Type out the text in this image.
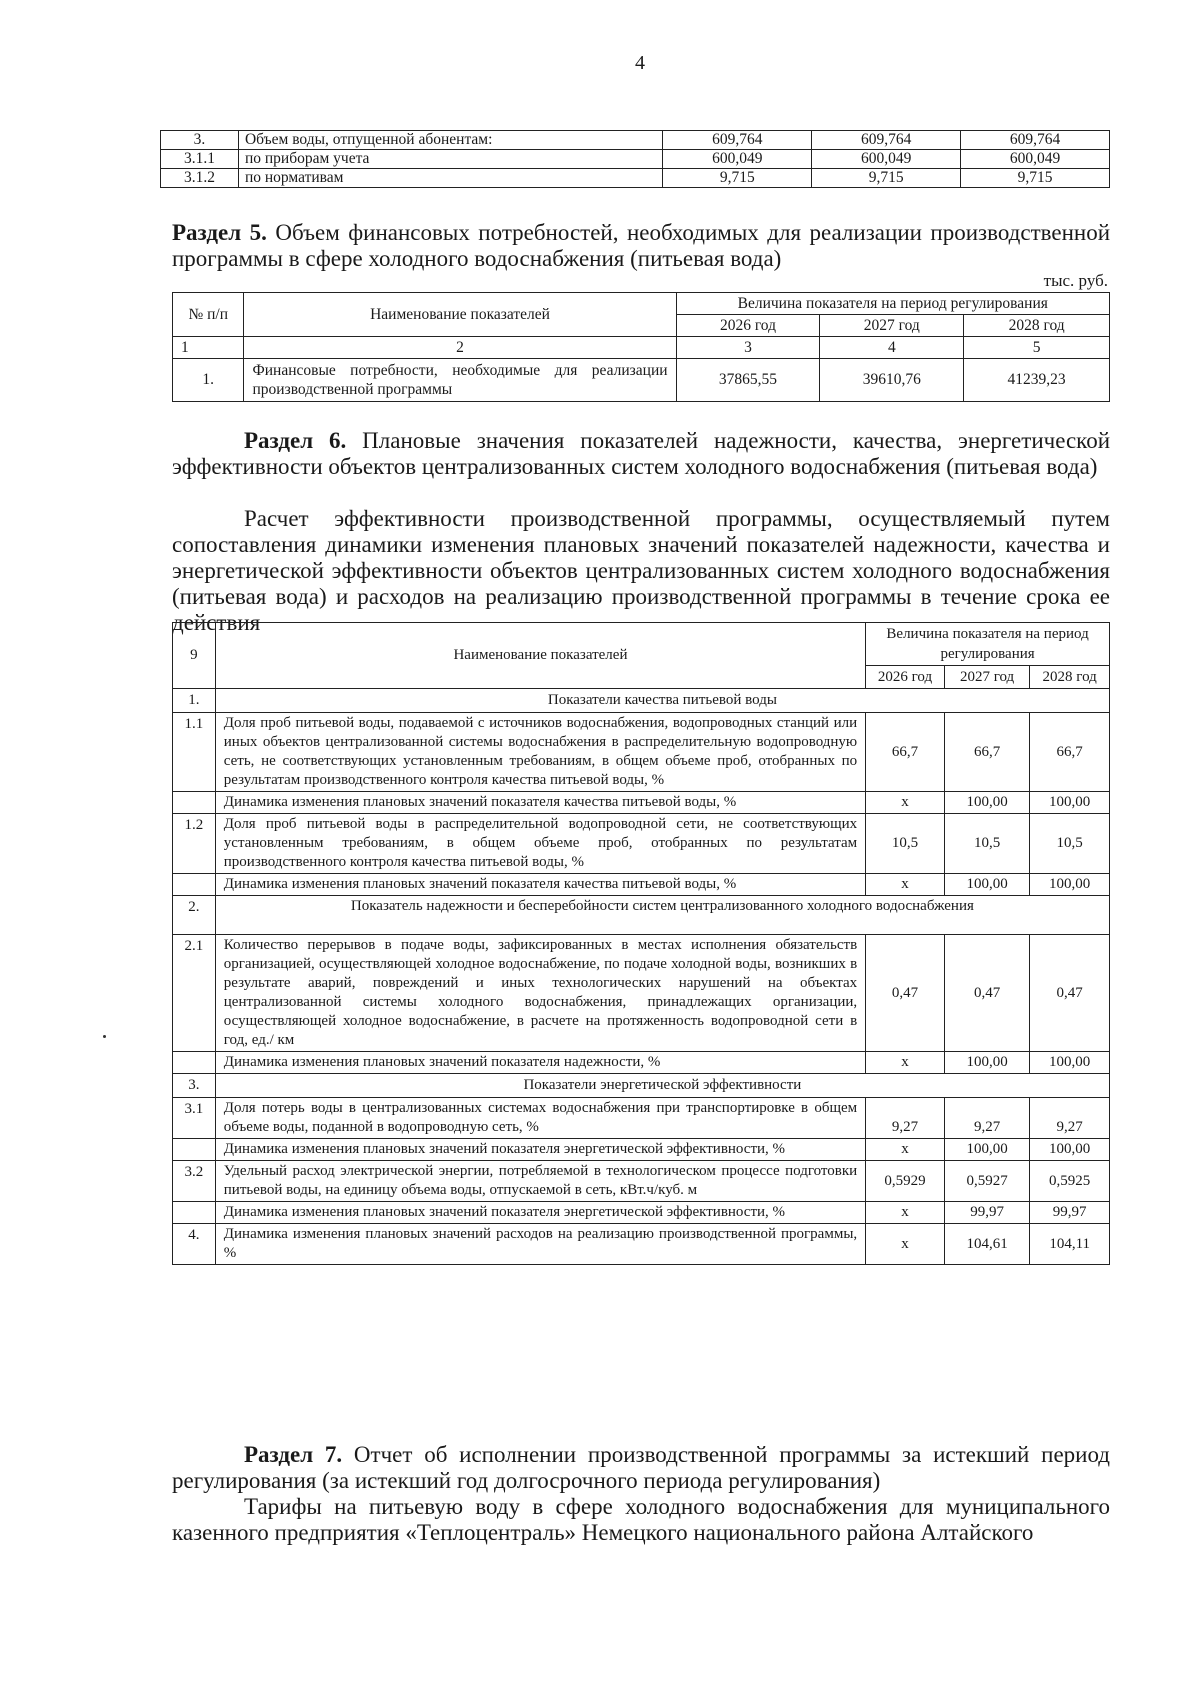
4
3.	Объем воды, отпущенной абонентам:	609,764	609,764	609,764
3.1.1	по приборам учета	600,049	600,049	600,049
3.1.2	по нормативам	9,715	9,715	9,715
Раздел 5. Объем финансовых потребностей, необходимых для реализации производственной программы в сфере холодного водоснабжения (питьевая вода)
тыс. руб.
№ п/п	Наименование показателей	Величина показателя на период регулирования		
		2026 год	2027 год	2028 год
1	2	3	4	5
1.	Финансовые потребности, необходимые для реализации производственной программы	37865,55	39610,76	41239,23
Раздел 6. Плановые значения показателей надежности, качества, энергетической эффективности объектов централизованных систем холодного водоснабжения (питьевая вода)
Расчет эффективности производственной программы, осуществляемый путем сопоставления динамики изменения плановых значений показателей надежности, качества и энергетической эффективности объектов централизованных систем холодного водоснабжения (питьевая вода) и расходов на реализацию производственной программы в течение срока ее действия
9	Наименование показателей	Величина показателя на период регулирования		
		2026 год	2027 год	2028 год
1.	Показатели качества питьевой воды			
1.1	Доля проб питьевой воды, подаваемой с источников водоснабжения, водопроводных станций или иных объектов централизованной системы водоснабжения в распределительную водопроводную сеть, не соответствующих установленным требованиям, в общем объеме проб, отобранных по результатам производственного контроля качества питьевой воды, %	66,7	66,7	66,7
	Динамика изменения плановых значений показателя качества питьевой воды, %	х	100,00	100,00
1.2	Доля проб питьевой воды в распределительной водопроводной сети, не соответствующих установленным требованиям, в общем объеме проб, отобранных по результатам производственного контроля качества питьевой воды, %	10,5	10,5	10,5
	Динамика изменения плановых значений показателя качества питьевой воды, %	х	100,00	100,00
2.	Показатель надежности и бесперебойности систем централизованного холодного водоснабжения			
2.1	Количество перерывов в подаче воды, зафиксированных в местах исполнения обязательств организацией, осуществляющей холодное водоснабжение, по подаче холодной воды, возникших в результате аварий, повреждений и иных технологических нарушений на объектах централизованной системы холодного водоснабжения, принадлежащих организации, осуществляющей холодное водоснабжение, в расчете на протяженность водопроводной сети в год, ед./ км	0,47	0,47	0,47
	Динамика изменения плановых значений показателя надежности, %	х	100,00	100,00
3.	Показатели энергетической эффективности			
3.1	Доля потерь воды в централизованных системах водоснабжения при транспортировке в общем объеме воды, поданной в водопроводную сеть, %	9,27	9,27	9,27
	Динамика изменения плановых значений показателя энергетической эффективности, %	х	100,00	100,00
3.2	Удельный расход электрической энергии, потребляемой в технологическом процессе подготовки питьевой воды, на единицу объема воды, отпускаемой в сеть, кВт.ч/куб. м	0,5929	0,5927	0,5925
	Динамика изменения плановых значений показателя энергетической эффективности, %	х	99,97	99,97
4.	Динамика изменения плановых значений расходов на реализацию производственной программы, %	х	104,61	104,11
Раздел 7. Отчет об исполнении производственной программы за истекший период регулирования (за истекший год долгосрочного периода регулирования)
Тарифы на питьевую воду в сфере холодного водоснабжения для муниципального казенного предприятия «Теплоцентраль» Немецкого национального района Алтайского
